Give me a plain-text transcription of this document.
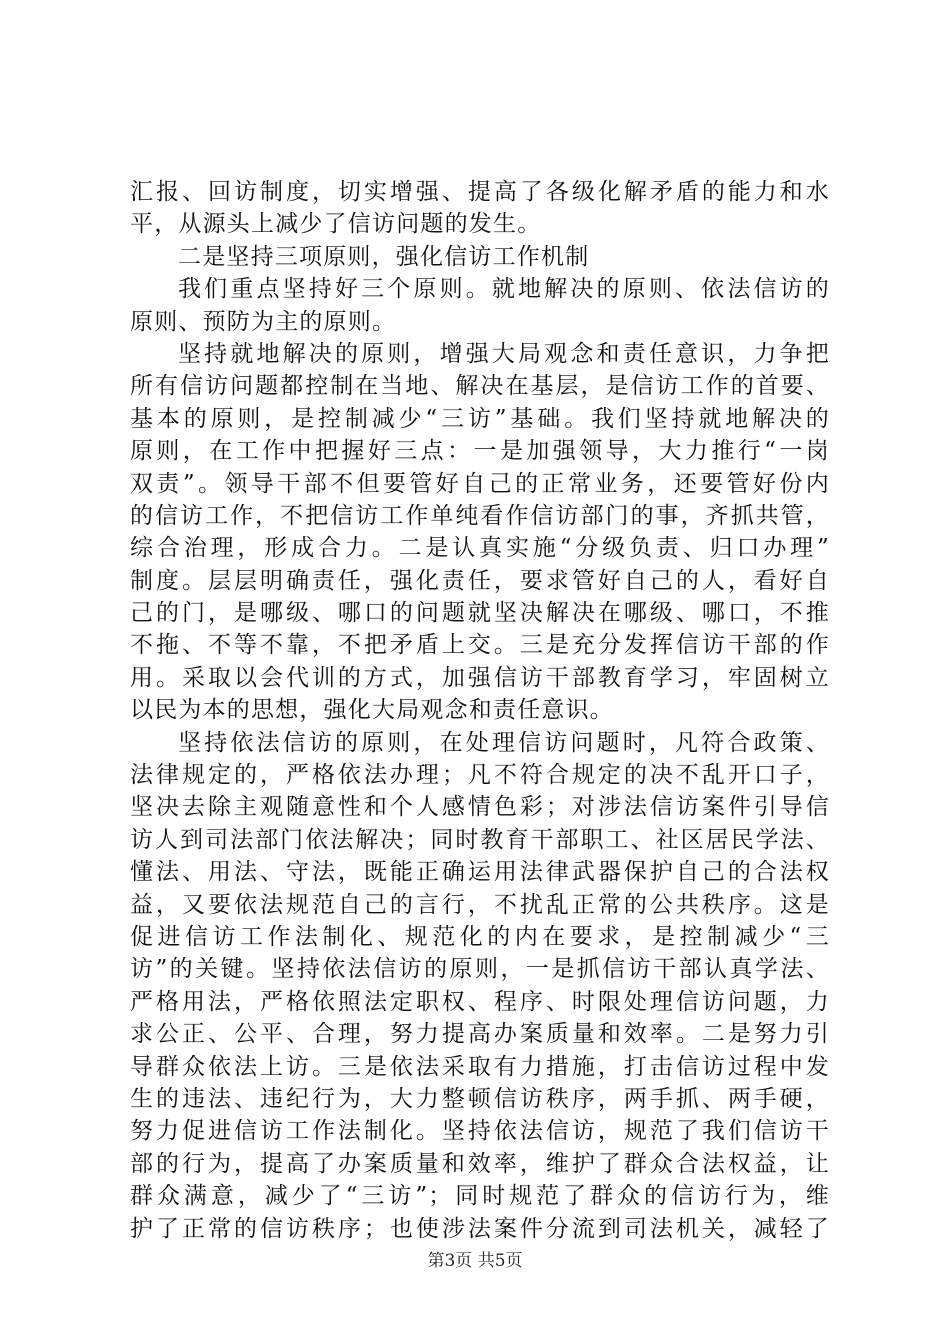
汇报、回访制度，切实增强、提高了各级化解矛盾的能力和水
平，从源头上减少了信访问题的发生。
二是坚持三项原则，强化信访工作机制
我们重点坚持好三个原则。就地解决的原则、依法信访的
原则、预防为主的原则。
坚持就地解决的原则，增强大局观念和责任意识，力争把
所有信访问题都控制在当地、解决在基层，是信访工作的首要、
基本的原则，是控制减少“三访”基础。我们坚持就地解决的
原则，在工作中把握好三点：一是加强领导，大力推行“一岗
双责”。领导干部不但要管好自己的正常业务，还要管好份内
的信访工作，不把信访工作单纯看作信访部门的事，齐抓共管，
综合治理，形成合力。二是认真实施“分级负责、归口办理”
制度。层层明确责任，强化责任，要求管好自己的人，看好自
己的门，是哪级、哪口的问题就坚决解决在哪级、哪口，不推
不拖、不等不靠，不把矛盾上交。三是充分发挥信访干部的作
用。采取以会代训的方式，加强信访干部教育学习，牢固树立
以民为本的思想，强化大局观念和责任意识。
坚持依法信访的原则，在处理信访问题时，凡符合政策、
法律规定的，严格依法办理；凡不符合规定的决不乱开口子，
坚决去除主观随意性和个人感情色彩；对涉法信访案件引导信
访人到司法部门依法解决；同时教育干部职工、社区居民学法、
懂法、用法、守法，既能正确运用法律武器保护自己的合法权
益，又要依法规范自己的言行，不扰乱正常的公共秩序。这是
促进信访工作法制化、规范化的内在要求，是控制减少“三
访”的关键。坚持依法信访的原则，一是抓信访干部认真学法、
严格用法，严格依照法定职权、程序、时限处理信访问题，力
求公正、公平、合理，努力提高办案质量和效率。二是努力引
导群众依法上访。三是依法采取有力措施，打击信访过程中发
生的违法、违纪行为，大力整顿信访秩序，两手抓、两手硬，
努力促进信访工作法制化。坚持依法信访，规范了我们信访干
部的行为，提高了办案质量和效率，维护了群众合法权益，让
群众满意，减少了“三访”；同时规范了群众的信访行为，维
护了正常的信访秩序；也使涉法案件分流到司法机关，减轻了
第3页 共5页
